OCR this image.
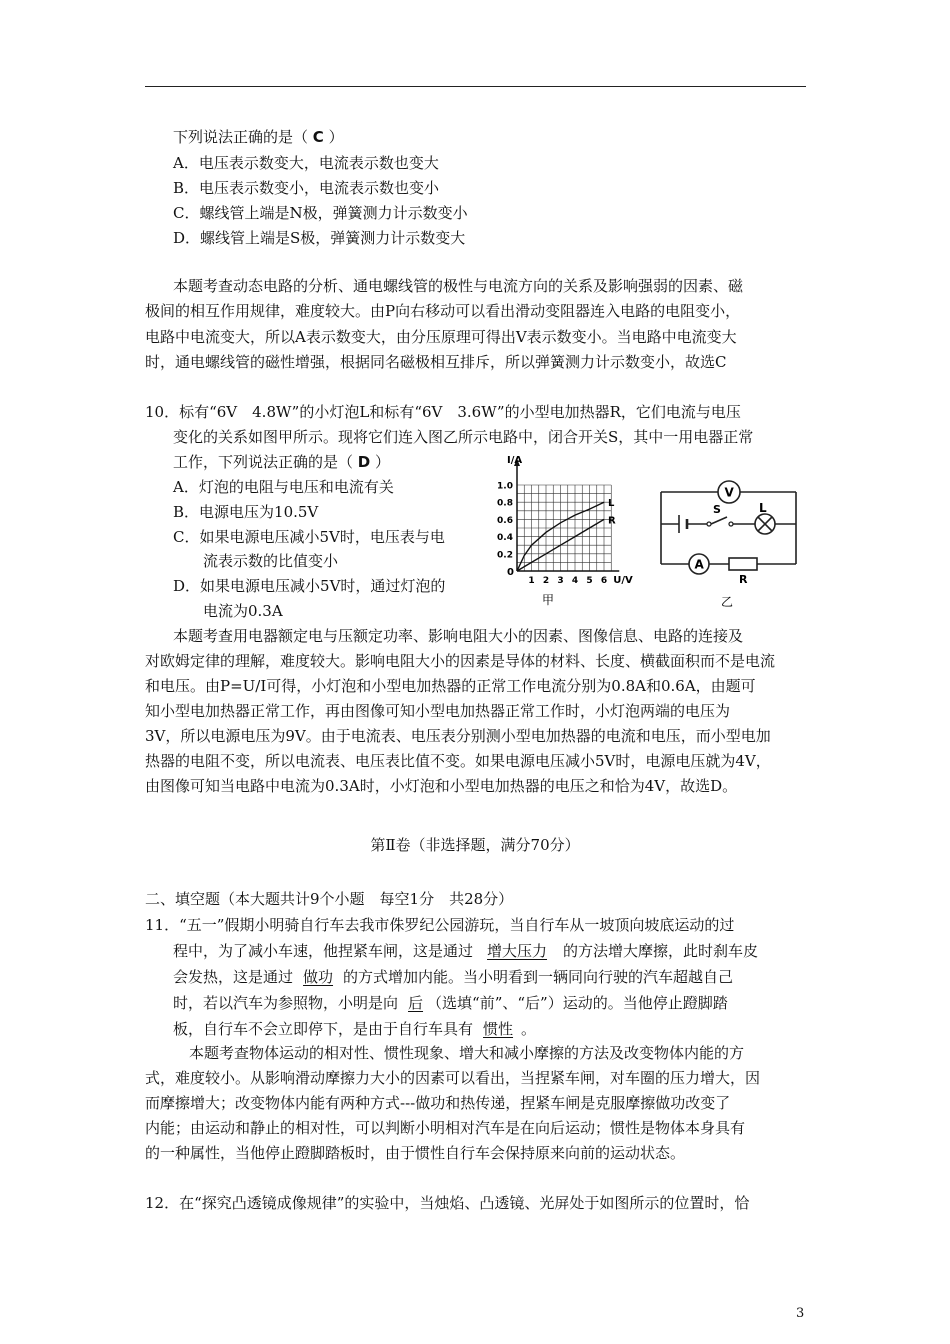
下列说法正确的是（ C ）
A．电压表示数变大，电流表示数也变大
B．电压表示数变小，电流表示数也变小
C．螺线管上端是N极，弹簧测力计示数变小
D．螺线管上端是S极，弹簧测力计示数变大
本题考查动态电路的分析、通电螺线管的极性与电流方向的关系及影响强弱的因素、磁
极间的相互作用规律，难度较大。由P向右移动可以看出滑动变阻器连入电路的电阻变小，
电路中电流变大，所以A表示数变大，由分压原理可得出V表示数变小。当电路中电流变大
时，通电螺线管的磁性增强，根据同名磁极相互排斥，所以弹簧测力计示数变小，故选C
10．标有“6V　4.8W”的小灯泡L和标有“6V　3.6W”的小型电加热器R，它们电流与电压
变化的关系如图甲所示。现将它们连入图乙所示电路中，闭合开关S，其中一用电器正常
工作，下列说法正确的是（ D ）
A．灯泡的电阻与电压和电流有关
B．电源电压为10.5V
C．如果电源电压减小5V时，电压表与电
流表示数的比值变小
D．如果电源电压减小5V时，通过灯泡的
电流为0.3A
I/A
U/V
0
0.2
0.4
0.6
0.8
1.0
1 2 3 4 5 6
L
R
甲
V
A
L
S
R
乙
本题考查用电器额定电与压额定功率、影响电阻大小的因素、图像信息、电路的连接及
对欧姆定律的理解，难度较大。影响电阻大小的因素是导体的材料、长度、横截面积而不是电流
和电压。由P=U/I可得，小灯泡和小型电加热器的正常工作电流分别为0.8A和0.6A，由题可
知小型电加热器正常工作，再由图像可知小型电加热器正常工作时，小灯泡两端的电压为
3V，所以电源电压为9V。由于电流表、电压表分别测小型电加热器的电流和电压，而小型电加
热器的电阻不变，所以电流表、电压表比值不变。如果电源电压减小5V时，电源电压就为4V，
由图像可知当电路中电流为0.3A时，小灯泡和小型电加热器的电压之和恰为4V，故选D。
第Ⅱ卷（非选择题，满分70分）
二、填空题（本大题共计9个小题　每空1分　共28分）
11．“五一”假期小明骑自行车去我市侏罗纪公园游玩，当自行车从一坡顶向坡底运动的过
程中，为了减小车速，他捏紧车闸，这是通过 增大压力 的方法增大摩擦，此时刹车皮
会发热，这是通过 做功 的方式增加内能。当小明看到一辆同向行驶的汽车超越自己
时，若以汽车为参照物，小明是向 后 （选填“前”、“后”）运动的。当他停止蹬脚踏
板，自行车不会立即停下，是由于自行车具有 惯性 。
本题考查物体运动的相对性、惯性现象、增大和减小摩擦的方法及改变物体内能的方
式，难度较小。从影响滑动摩擦力大小的因素可以看出，当捏紧车闸，对车圈的压力增大，因
而摩擦增大；改变物体内能有两种方式---做功和热传递，捏紧车闸是克服摩擦做功改变了
内能；由运动和静止的相对性，可以判断小明相对汽车是在向后运动；惯性是物体本身具有
的一种属性，当他停止蹬脚踏板时，由于惯性自行车会保持原来向前的运动状态。
12．在“探究凸透镜成像规律”的实验中，当烛焰、凸透镜、光屏处于如图所示的位置时，恰
3
